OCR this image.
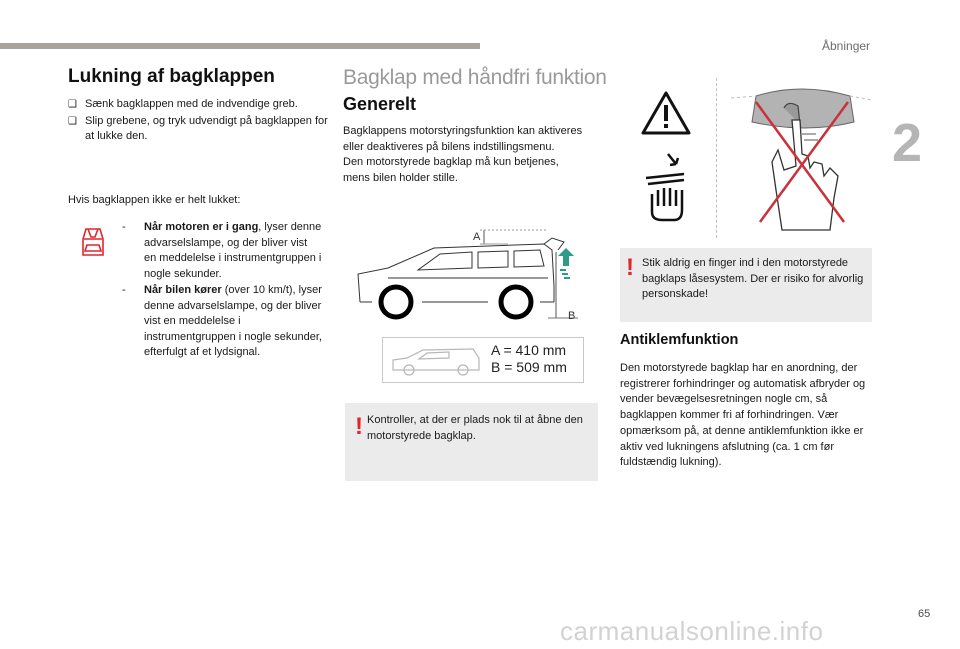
Åbninger
2
65
carmanualsonline.info
Lukning af bagklappen
❑ Sænk bagklappen med de indvendige greb.
❑ Slip grebene, og tryk udvendigt på bagklappen for at lukke den.
Hvis bagklappen ikke er helt lukket:
- Når motoren er i gang, lyser denne advarselslampe, og der bliver vist en meddelelse i instrumentgruppen i nogle sekunder.
- Når bilen kører (over 10 km/t), lyser denne advarselslampe, og der bliver vist en meddelelse i instrumentgruppen i nogle sekunder, efterfulgt af et lydsignal.
Bagklap med håndfri funktion
Generelt
Bagklappens motorstyringsfunktion kan aktiveres eller deaktiveres på bilens indstillingsmenu.
Den motorstyrede bagklap må kun betjenes, mens bilen holder stille.
A
B
A = 410 mm
B = 509 mm
! Kontroller, at der er plads nok til at åbne den motorstyrede bagklap.
! Stik aldrig en finger ind i den motorstyrede bagklaps låsesystem. Der er risiko for alvorlig personskade!
Antiklemfunktion
Den motorstyrede bagklap har en anordning, der registrerer forhindringer og automatisk afbryder og vender bevægelsesretningen nogle cm, så bagklappen kommer fri af forhindringen. Vær opmærksom på, at denne antiklemfunktion ikke er aktiv ved lukningens afslutning (ca. 1 cm før fuldstændig lukning).
